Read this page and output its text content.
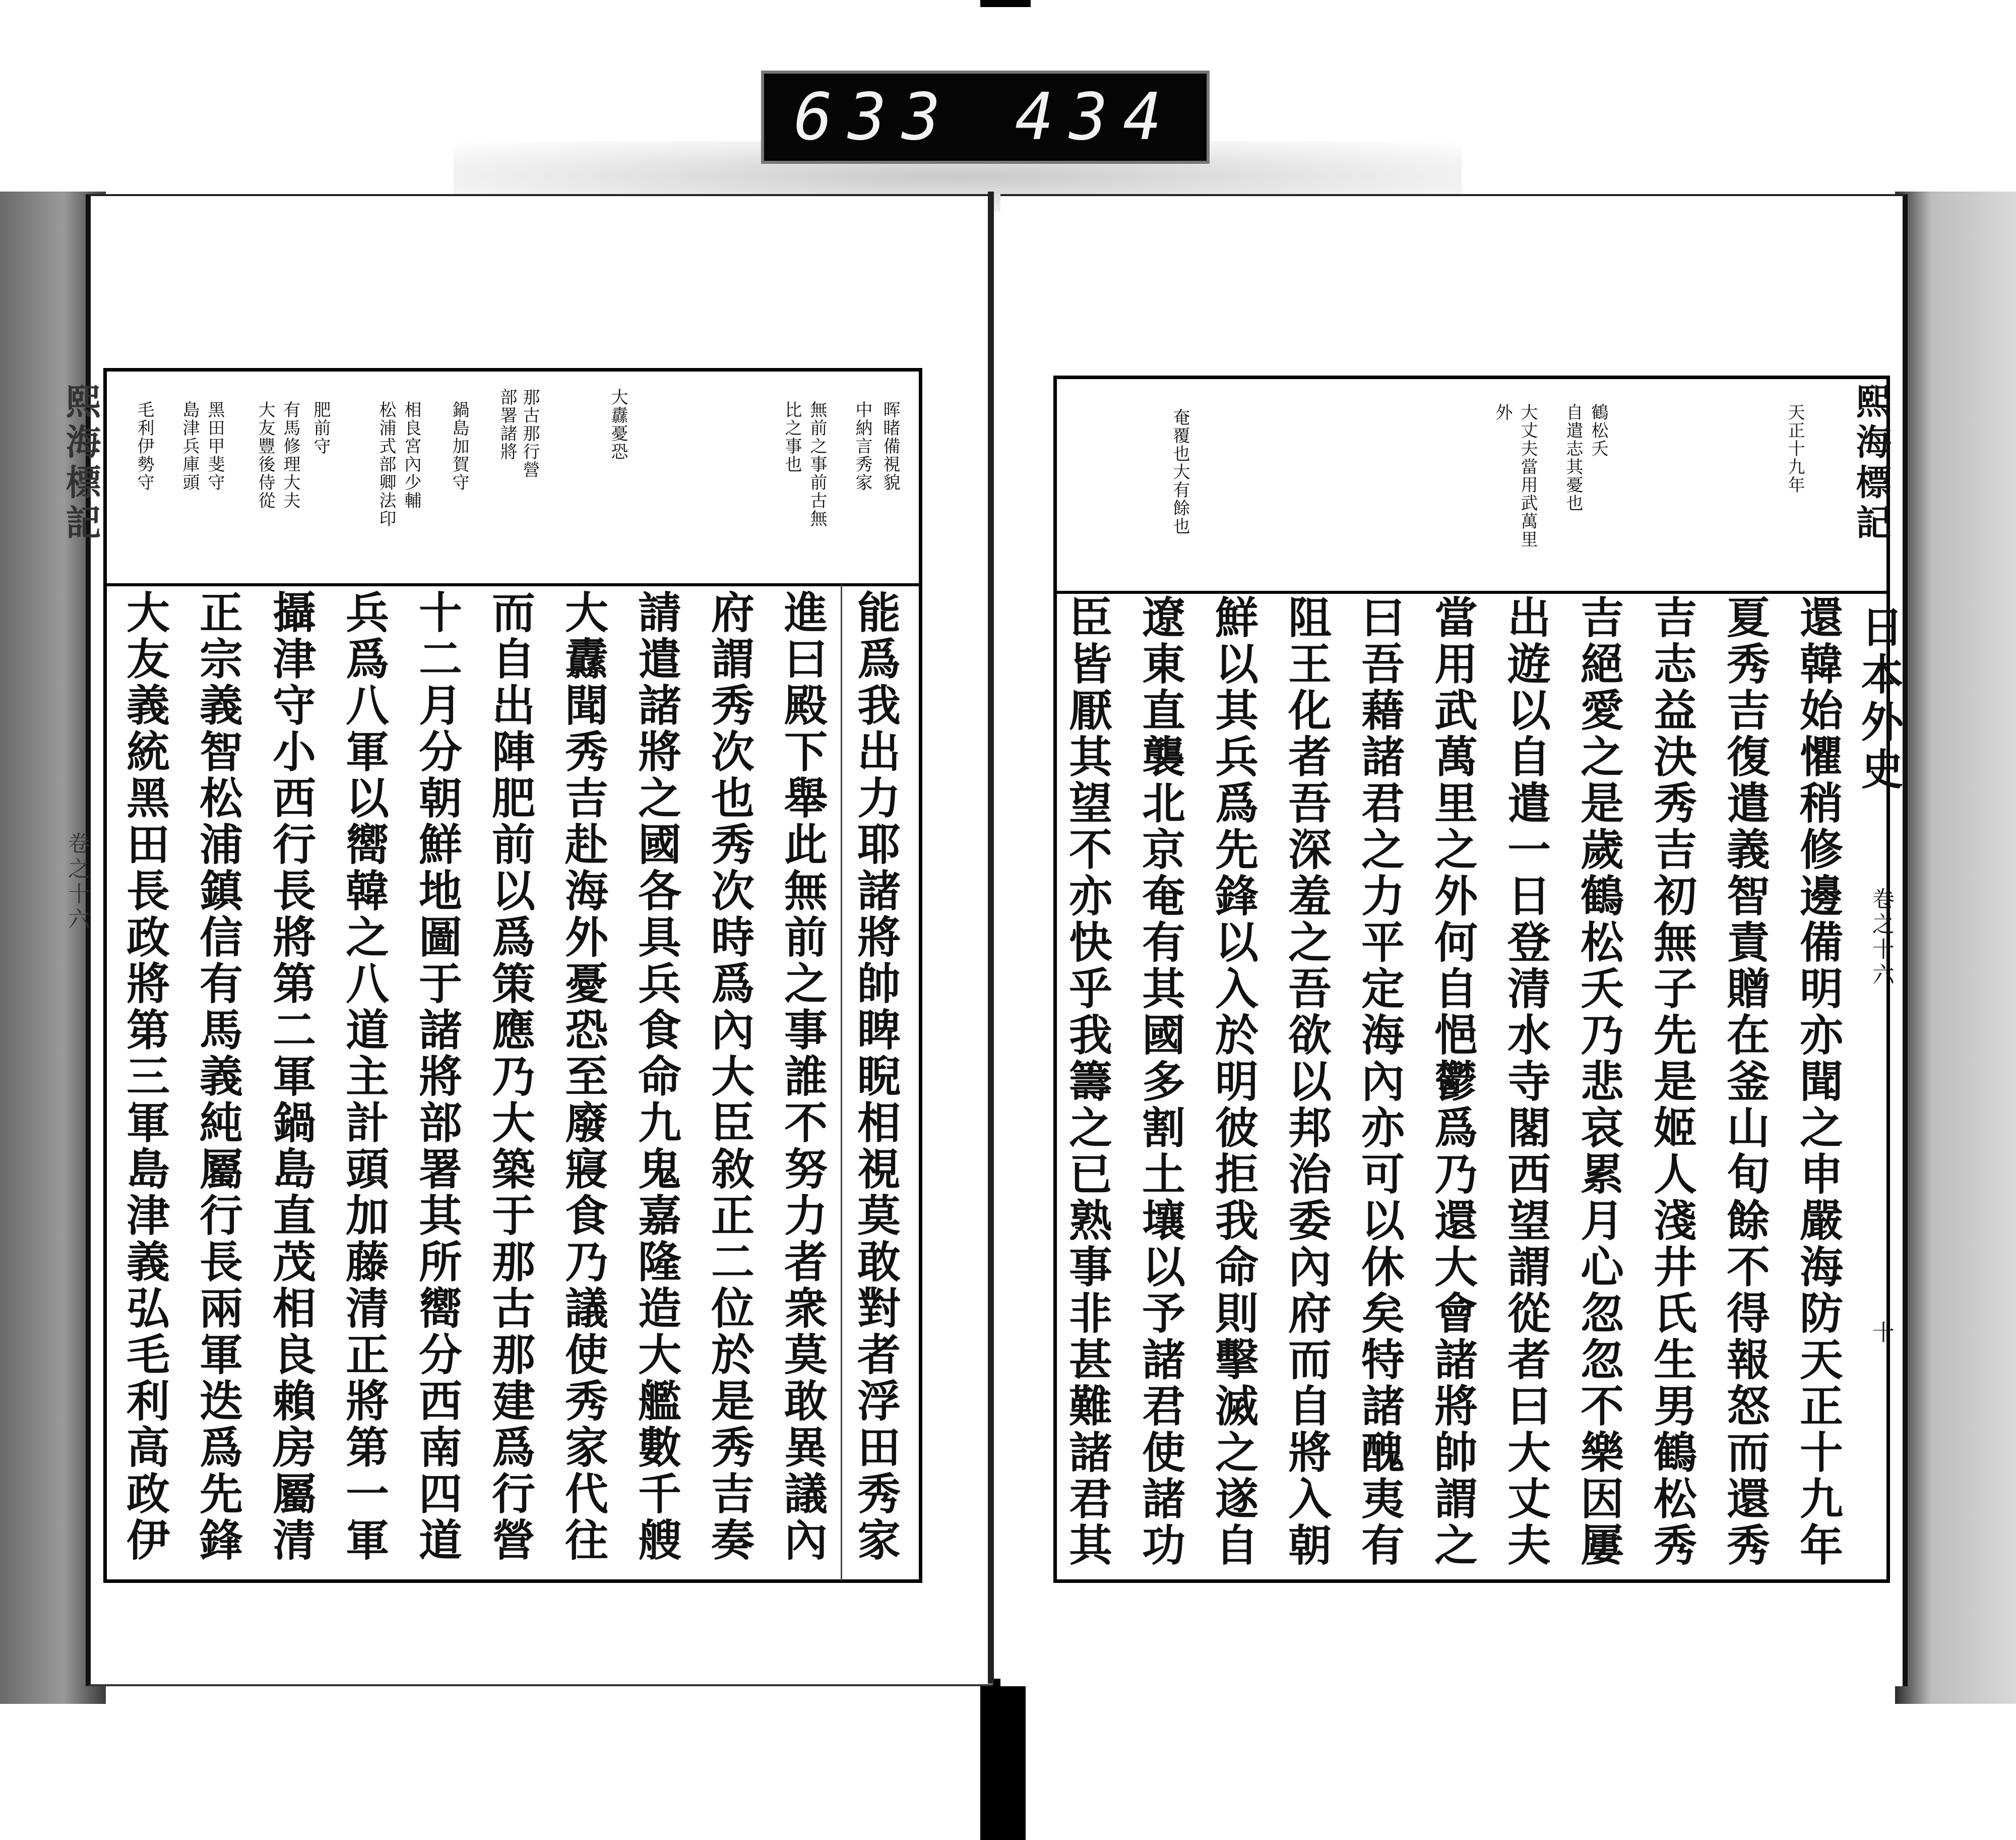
633 434
熙海標記
卷之十六
晖睹備視貌
中納言秀家
無前之事前古無
比之事也
大纛憂恐
那古那行營
部署諸將
鍋島加賀守
相良宮內少輔
松浦式部卿法印
肥前守
有馬修理大夫
大友豐後侍從
黑田甲斐守
島津兵庫頭
毛利伊勢守
能爲我出力耶諸將帥睥睨相視莫敢對者浮田秀家
進曰殿下舉此無前之事誰不努力者衆莫敢異議內
府謂秀次也秀次時爲內大臣敘正二位於是秀吉奏
請遣諸將之國各具兵食命九鬼嘉隆造大艦數千艘
大纛聞秀吉赴海外憂恐至廢寢食乃議使秀家代往
而自出陣肥前以爲策應乃大築于那古那建爲行營
十二月分朝鮮地圖于諸將部署其所嚮分西南四道
兵爲八軍以嚮韓之八道主計頭加藤清正將第一軍
攝津守小西行長將第二軍鍋島直茂相良賴房屬清
正宗義智松浦鎮信有馬義純屬行長兩軍迭爲先鋒
大友義統黑田長政將第三軍島津義弘毛利高政伊
熙海標記
日本外史
卷之十六
十
天正十九年
鶴松夭
自遣志其憂也
大丈夫當用武萬里
外
奄覆也大有餘也
還韓始懼稍修邊備明亦聞之申嚴海防天正十九年
夏秀吉復遣義智責贈在釜山旬餘不得報怒而還秀
吉志益決秀吉初無子先是姬人淺井氏生男鶴松秀
吉絕愛之是歲鶴松夭乃悲哀累月心忽忽不樂因屢
出遊以自遣一日登清水寺閣西望謂從者曰大丈夫
當用武萬里之外何自悒鬱爲乃還大會諸將帥謂之
曰吾藉諸君之力平定海內亦可以休矣特諸醜夷有
阻王化者吾深羞之吾欲以邦治委內府而自將入朝
鮮以其兵爲先鋒以入於明彼拒我命則擊滅之遂自
遼東直襲北京奄有其國多割土壤以予諸君使諸功
臣皆厭其望不亦快乎我籌之已熟事非甚難諸君其
